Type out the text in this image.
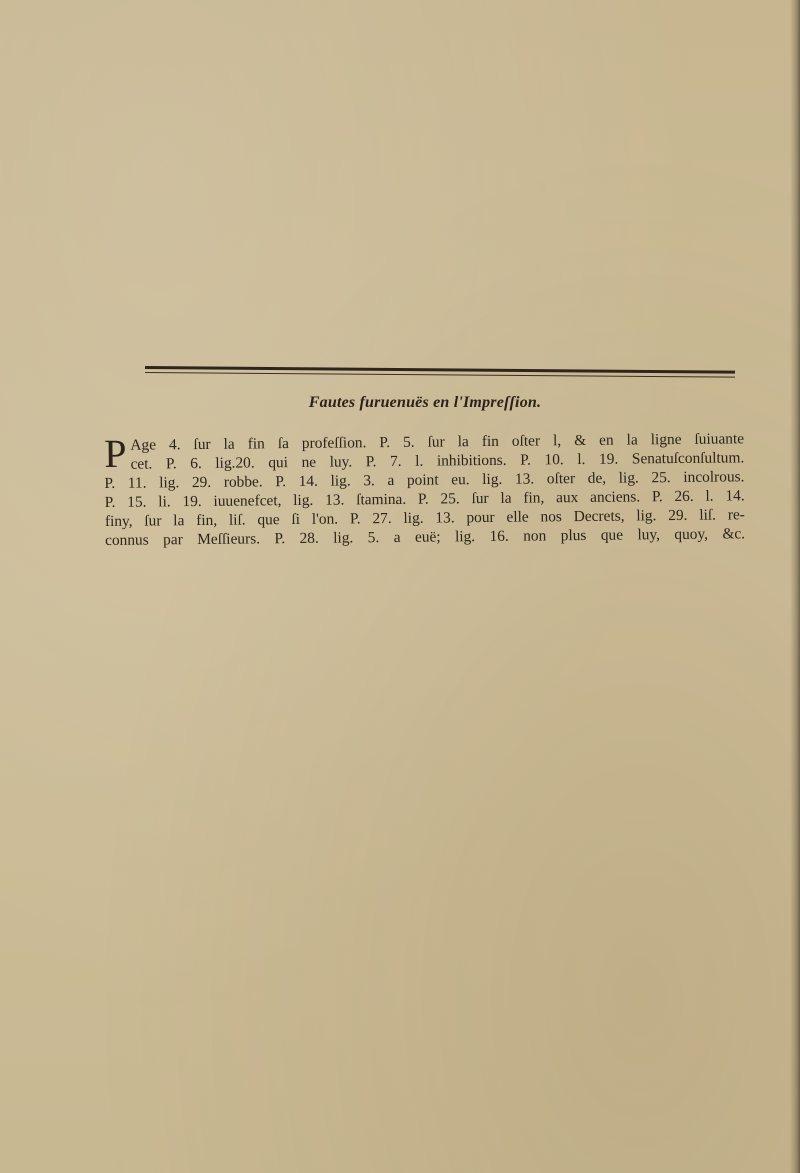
Fautes furuenuës en l'Impreſſion.
P Age 4. ſur la fin ſa profeſſion. P. 5. ſur la fin oſter l, & en la ligne ſuiuante
cet. P. 6. lig.20. qui ne luy. P. 7. l. inhibitions. P. 10. l. 19. Senatuſconſultum.
P. 11. lig. 29. robbe. P. 14. lig. 3. a point eu. lig. 13. oſter de, lig. 25. incolrous.
P. 15. li. 19. iuuenefcet, lig. 13. ſtamina. P. 25. ſur la fin, aux anciens. P. 26. l. 14.
finy, ſur la fin, liſ. que ſi l'on. P. 27. lig. 13. pour elle nos Decrets, lig. 29. liſ. re-
connus par Meſſieurs. P. 28. lig. 5. a euë; lig. 16. non plus que luy, quoy, &c.
